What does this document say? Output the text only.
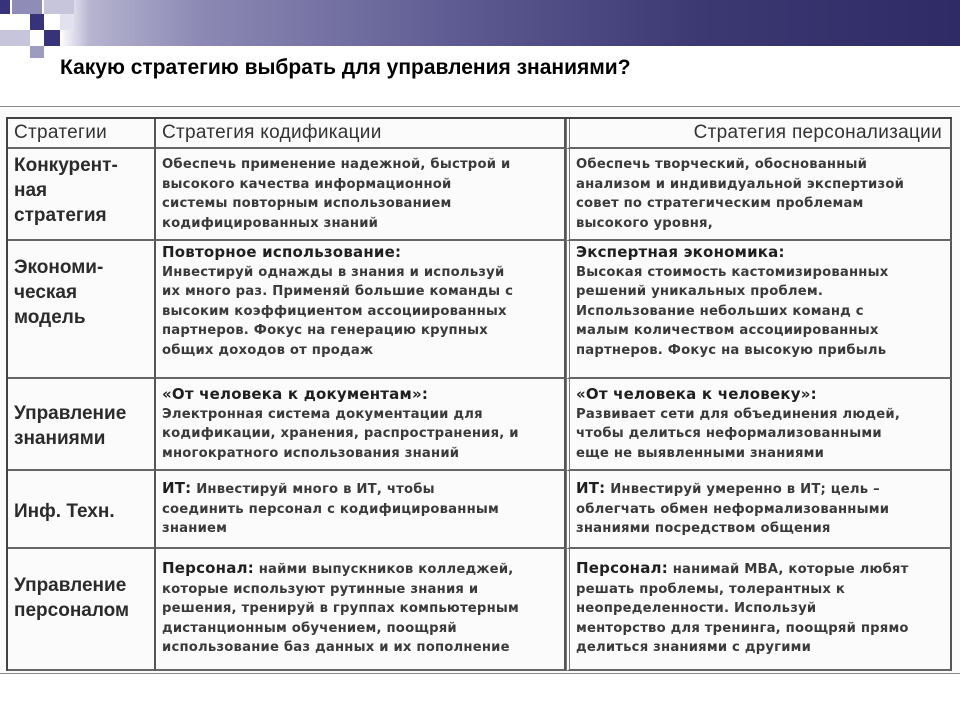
Какую стратегию выбрать для управления знаниями?
Стратегии	Стратегия кодификации	Стратегия персонализации
Конкурент-
ная
стратегия
Обеспечь применение надежной, быстрой и
высокого качества информационной
системы повторным использованием
кодифицированных знаний
Обеспечь творческий, обоснованный
анализом и индивидуальной экспертизой
совет по стратегическим проблемам
высокого уровня,
Экономи-
ческая
модель
Повторное использование:
Инвестируй однажды в знания и используй
их много раз. Применяй большие команды с
высоким коэффициентом ассоциированных
партнеров. Фокус на генерацию крупных
общих доходов от продаж
Экспертная экономика:
Высокая стоимость кастомизированных
решений уникальных проблем.
Использование небольших команд с
малым количеством ассоциированных
партнеров. Фокус на высокую прибыль
Управление
знаниями
«От человека к документам»:
Электронная система документации для
кодификации, хранения, распространения, и
многократного использования знаний
«От человека к человеку»:
Развивает сети для объединения людей,
чтобы делиться неформализованными
еще не выявленными знаниями
Инф. Техн.
ИТ: Инвестируй много в ИТ, чтобы
соединить персонал с кодифицированным
знанием
ИТ: Инвестируй умеренно в ИТ; цель –
облегчать обмен неформализованными
знаниями посредством общения
Управление
персоналом
Персонал: найми выпускников колледжей,
которые используют рутинные знания и
решения, тренируй в группах компьютерным
дистанционным обучением, поощряй
использование баз данных и их пополнение
Персонал: нанимай MBA, которые любят
решать проблемы, толерантных к
неопределенности. Используй
менторство для тренинга, поощряй прямо
делиться знаниями с другими
